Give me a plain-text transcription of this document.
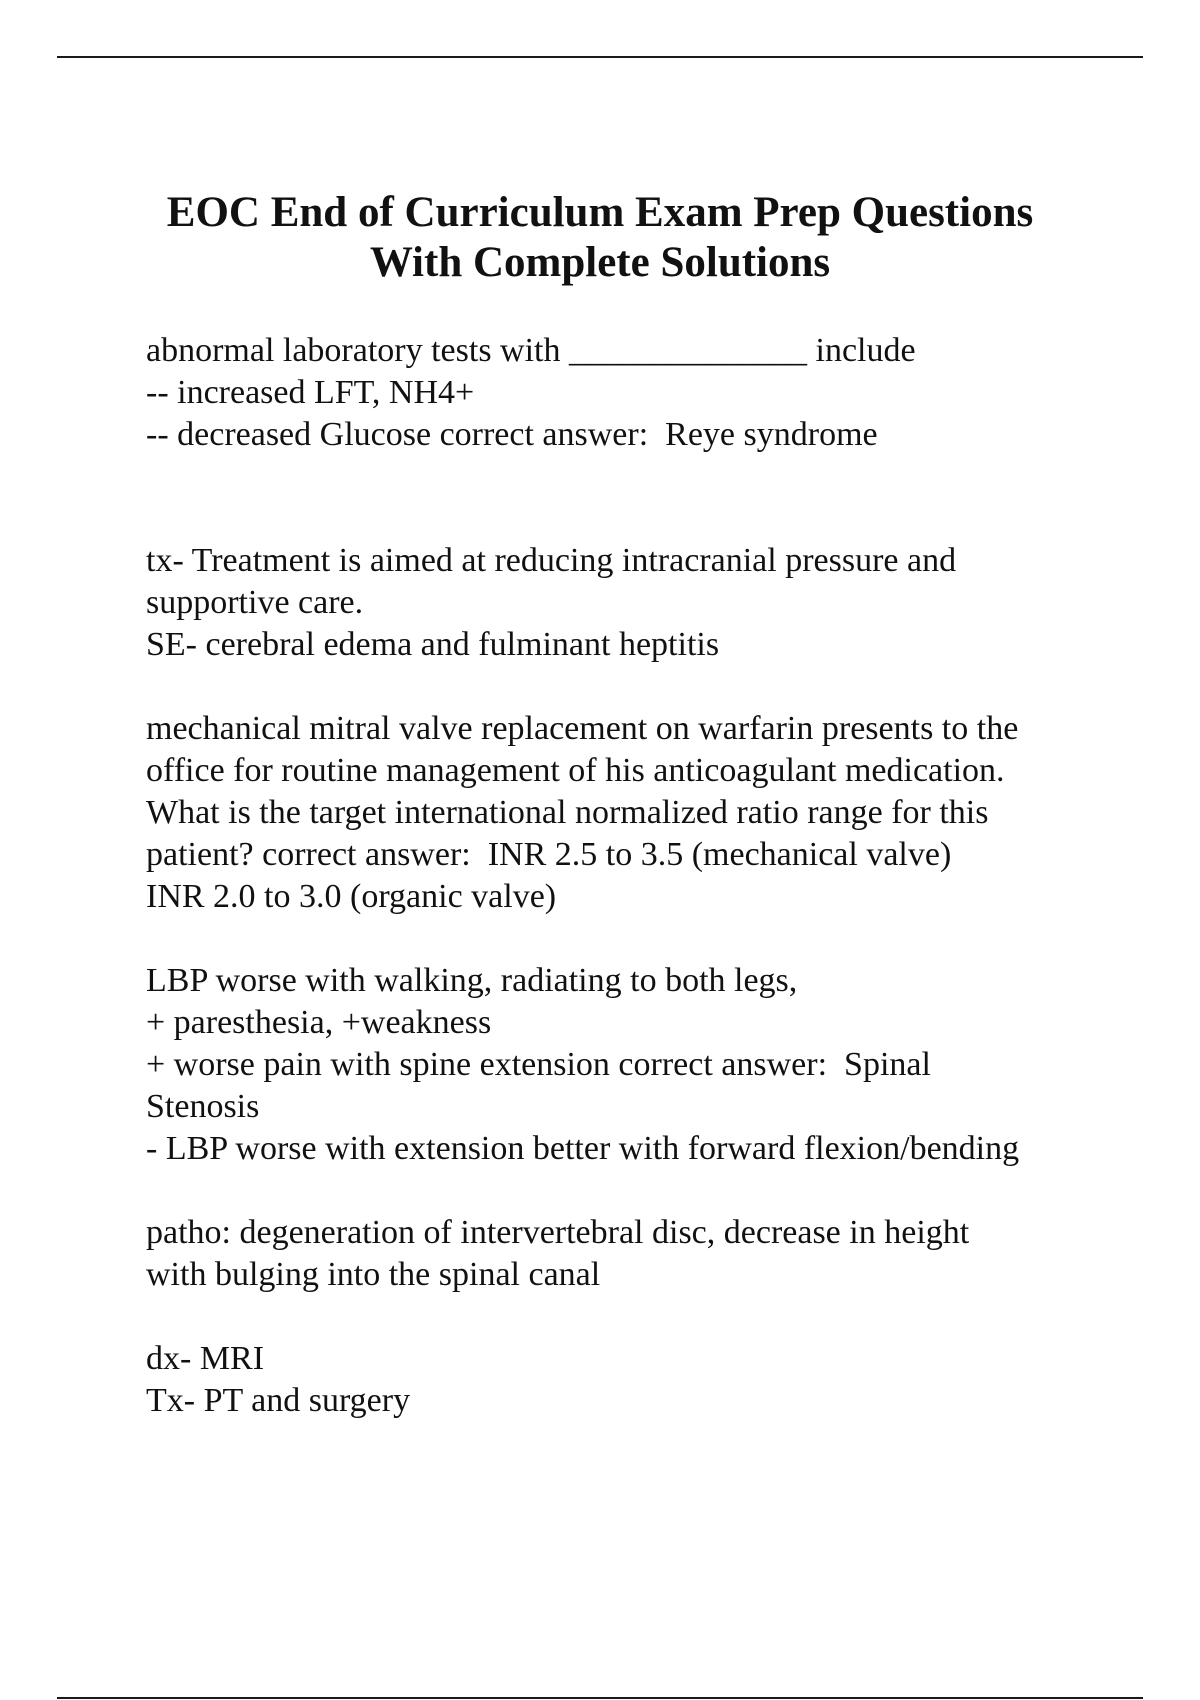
EOC End of Curriculum Exam Prep Questions
With Complete Solutions
abnormal laboratory tests with ______________ include
-- increased LFT, NH4+
-- decreased Glucose correct answer:  Reye syndrome
tx- Treatment is aimed at reducing intracranial pressure and
supportive care.
SE- cerebral edema and fulminant heptitis
mechanical mitral valve replacement on warfarin presents to the
office for routine management of his anticoagulant medication.
What is the target international normalized ratio range for this
patient? correct answer:  INR 2.5 to 3.5 (mechanical valve)
INR 2.0 to 3.0 (organic valve)
LBP worse with walking, radiating to both legs,
+ paresthesia, +weakness
+ worse pain with spine extension correct answer:  Spinal
Stenosis
- LBP worse with extension better with forward flexion/bending
patho: degeneration of intervertebral disc, decrease in height
with bulging into the spinal canal
dx- MRI
Tx- PT and surgery
